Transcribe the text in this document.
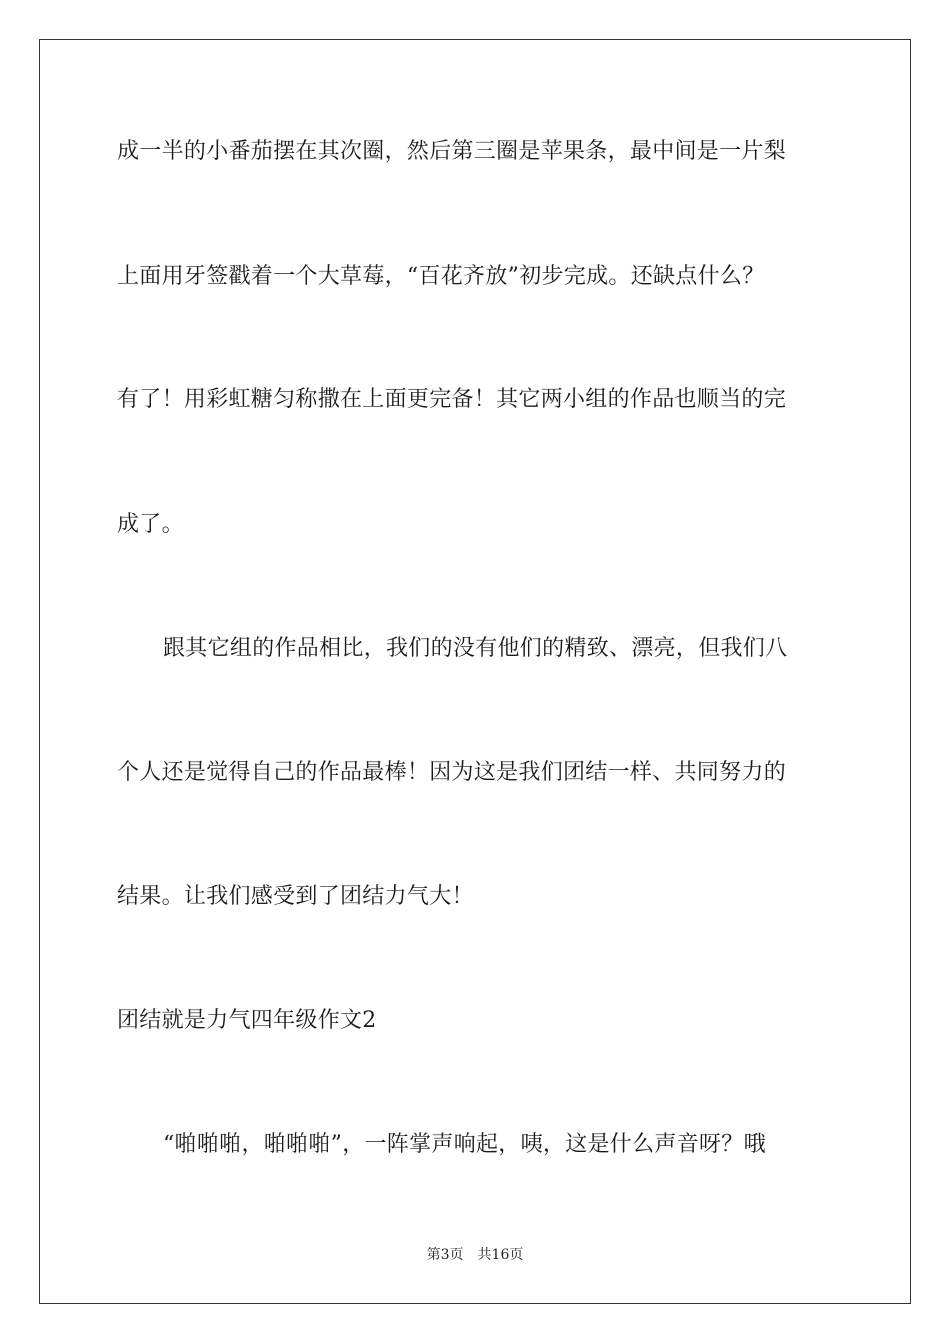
成一半的小番茄摆在其次圈，然后第三圈是苹果条，最中间是一片梨
上面用牙签戳着一个大草莓，“百花齐放”初步完成。还缺点什么？
有了！用彩虹糖匀称撒在上面更完备！其它两小组的作品也顺当的完
成了。
跟其它组的作品相比，我们的没有他们的精致、漂亮，但我们八
个人还是觉得自己的作品最棒！因为这是我们团结一样、共同努力的
结果。让我们感受到了团结力气大！
团结就是力气四年级作文2
“啪啪啪，啪啪啪”，一阵掌声响起，咦，这是什么声音呀？哦
第3页 共16页
